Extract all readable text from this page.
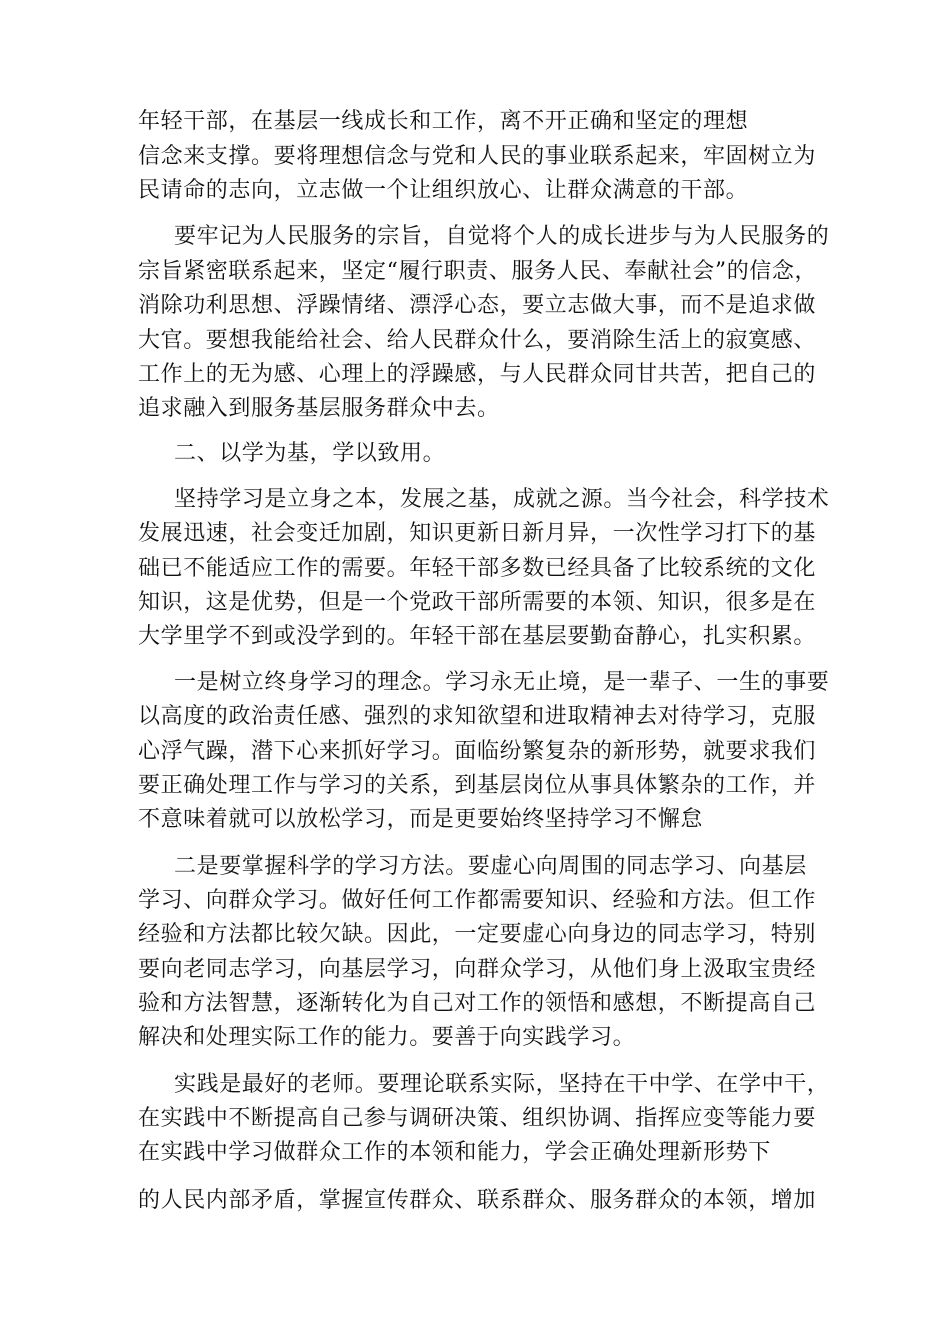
年轻干部，在基层一线成长和工作，离不开正确和坚定的理想
信念来支撑。要将理想信念与党和人民的事业联系起来，牢固树立为
民请命的志向，立志做一个让组织放心、让群众满意的干部。
要牢记为人民服务的宗旨，自觉将个人的成长进步与为人民服务的
宗旨紧密联系起来，坚定“履行职责、服务人民、奉献社会”的信念，
消除功利思想、浮躁情绪、漂浮心态，要立志做大事，而不是追求做
大官。要想我能给社会、给人民群众什么，要消除生活上的寂寞感、
工作上的无为感、心理上的浮躁感，与人民群众同甘共苦，把自己的
追求融入到服务基层服务群众中去。
二、以学为基，学以致用。
坚持学习是立身之本，发展之基，成就之源。当今社会，科学技术
发展迅速，社会变迁加剧，知识更新日新月异，一次性学习打下的基
础已不能适应工作的需要。年轻干部多数已经具备了比较系统的文化
知识，这是优势，但是一个党政干部所需要的本领、知识，很多是在
大学里学不到或没学到的。年轻干部在基层要勤奋静心，扎实积累。
一是树立终身学习的理念。学习永无止境，是一辈子、一生的事要
以高度的政治责任感、强烈的求知欲望和进取精神去对待学习，克服
心浮气躁，潜下心来抓好学习。面临纷繁复杂的新形势，就要求我们
要正确处理工作与学习的关系，到基层岗位从事具体繁杂的工作，并
不意味着就可以放松学习，而是更要始终坚持学习不懈怠
二是要掌握科学的学习方法。要虚心向周围的同志学习、向基层
学习、向群众学习。做好任何工作都需要知识、经验和方法。但工作
经验和方法都比较欠缺。因此，一定要虚心向身边的同志学习，特别
要向老同志学习，向基层学习，向群众学习，从他们身上汲取宝贵经
验和方法智慧，逐渐转化为自己对工作的领悟和感想，不断提高自己
解决和处理实际工作的能力。要善于向实践学习。
实践是最好的老师。要理论联系实际，坚持在干中学、在学中干，
在实践中不断提高自己参与调研决策、组织协调、指挥应变等能力要
在实践中学习做群众工作的本领和能力，学会正确处理新形势下
的人民内部矛盾，掌握宣传群众、联系群众、服务群众的本领，增加
